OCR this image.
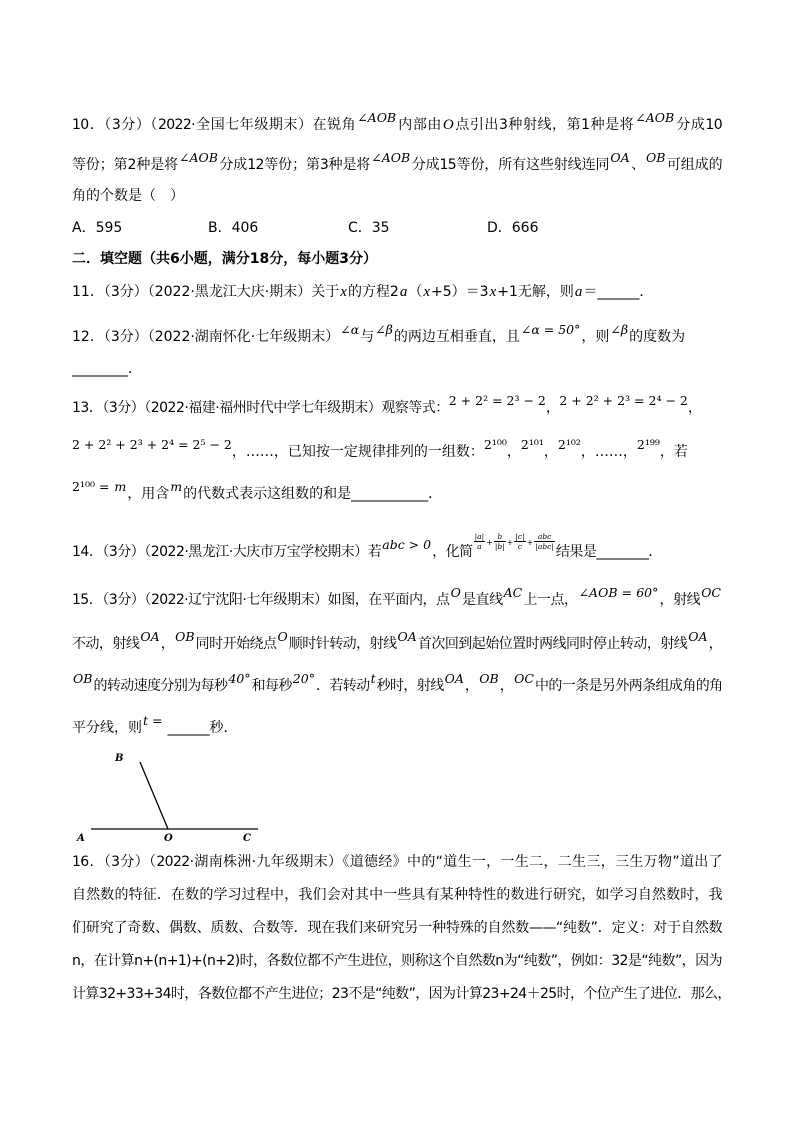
10．（3分）（2022·全国七年级期末）在锐角∠AOB内部由O点引出3种射线，第1种是将∠AOB分成10
等份；第2种是将∠AOB分成12等份；第3种是将∠AOB分成15等份，所有这些射线连同OA、OB可组成的
角的个数是（　）
A．595	B．406	C．35	D．666
二．填空题（共6小题，满分18分，每小题3分）
11．（3分）（2022·黑龙江大庆·期末）关于x的方程2a（x+5）＝3x+1无解，则a＝______．
12．（3分）（2022·湖南怀化·七年级期末）∠α与∠β的两边互相垂直，且∠α = 50°，则∠β的度数为
________．
13．（3分）（2022·福建·福州时代中学七年级期末）观察等式：2 + 2² = 2³ − 2，2 + 2² + 2³ = 2⁴ − 2，
2 + 2² + 2³ + 2⁴ = 2⁵ − 2，……，已知按一定规律排列的一组数：2¹⁰⁰，2¹⁰¹，2¹⁰²，……，2¹⁹⁹，若
2¹⁰⁰ = m，用含m的代数式表示这组数的和是___________．
14．（3分）（2022·黑龙江·大庆市万宝学校期末）若abc > 0，化简
$\frac{|a|}{a} ^+ \frac{b}{|b|} ^+ \frac{|c|}{c} ^+ \frac{\text{abc}}{\text{|abc|}}$
结果是________．
15．（3分）（2022·辽宁沈阳·七年级期末）如图，在平面内，点O是直线AC上一点，∠AOB = 60°，射线OC
不动，射线OA，OB同时开始绕点O顺时针转动，射线OA首次回到起始位置时两线同时停止转动，射线OA，
OB的转动速度分别为每秒40°和每秒20°．若转动t秒时，射线OA，OB，OC中的一条是另外两条组成角的角
平分线，则t = ______秒．
B
A	O	C
16．（3分）（2022·湖南株洲·九年级期末）《道德经》中的“道生一，一生二，二生三，三生万物”道出了
自然数的特征．在数的学习过程中，我们会对其中一些具有某种特性的数进行研究，如学习自然数时，我
们研究了奇数、偶数、质数、合数等．现在我们来研究另一种特殊的自然数——“纯数”．定义：对于自然数
n，在计算n+(n+1)+(n+2)时，各数位都不产生进位，则称这个自然数n为“纯数”，例如：32是“纯数”，因为
计算32+33+34时，各数位都不产生进位；23不是“纯数”，因为计算23+24＋25时，个位产生了进位．那么，
